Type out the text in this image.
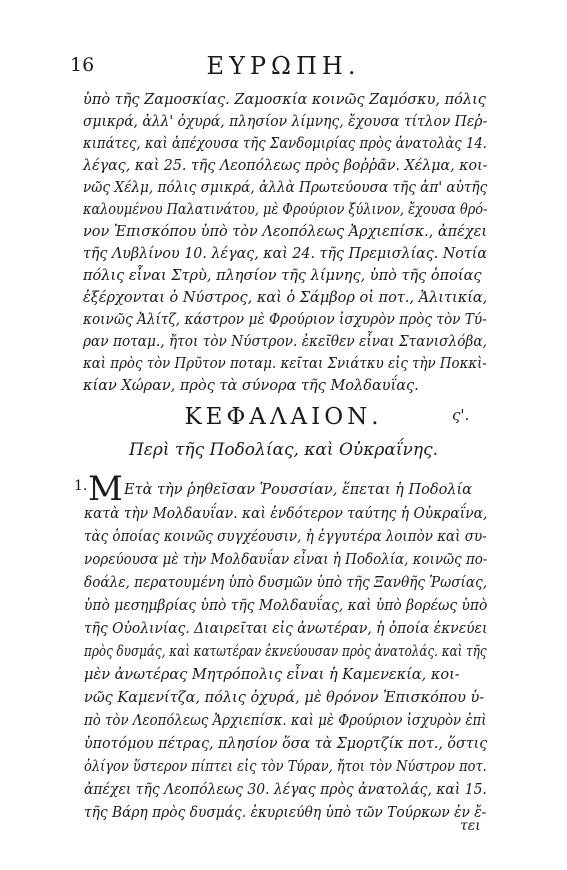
16	ΕΥΡΩΠΗ.
ὑπὸ τῆς Ζαμοσκίας. Ζαμοσκία κοινῶς Ζαμόσκυ, πόλις
σμικρά, ἀλλ' ὀχυρά, πλησίον λίμνης, ἔχουσα τίτλον Πεῤ-
κιπάτες, καὶ ἀπέχουσα τῆς Σανδομιρίας πρὸς ἀνατολὰς 14.
λέγας, καὶ 25. τῆς Λεοπόλεως πρὸς βοῤῥᾶν. Χέλμα, κοι-
νῶς Χέλμ, πόλις σμικρά, ἀλλὰ Πρωτεύουσα τῆς ἀπ' αὐτῆς
καλουμένου Παλατινάτου, μὲ Φρούριον ξύλινον, ἔχουσα θρό-
νον Ἐπισκόπου ὑπὸ τὸν Λεοπόλεως Ἀρχιεπίσκ., ἀπέχει
τῆς Λυβλίνου 10. λέγας, καὶ 24. τῆς Πρεμισλίας. Νοτία
πόλις εἶναι Στρὺ, πλησίον τῆς λίμνης, ὑπὸ τῆς ὁποίας
ἐξέρχονται ὁ Νύστρος, καὶ ὁ Σάμβορ οἱ ποτ., Ἀλιτικία,
κοινῶς Ἀλίτζ, κάστρον μὲ Φρούριον ἰσχυρὸν πρὸς τὸν Τύ-
ραν ποταμ., ἤτοι τὸν Νύστρον. ἐκεῖθεν εἶναι Στανισλόβα,
καὶ πρὸς τὸν Πρῦτον ποταμ. κεῖται Σνιάτκυ εἰς τὴν Ποκκὶ-
κίαν Χώραν, πρὸς τὰ σύνορα τῆς Μολδαυΐας.
ΚΕΦΑΛΑΙΟΝ.	ς'.
Περὶ τῆς Ποδολίας, καὶ Οὐκραΐνης.
1. Μ Ετὰ τὴν ῥηθεῖσαν Ῥουσσίαν, ἕπεται ἡ Ποδολία
κατὰ τὴν Μολδαυΐαν. καὶ ἐνδότερον ταύτης ἡ Οὐκραΐνα,
τὰς ὁποίας κοινῶς συγχέουσιν, ἡ ἐγγυτέρα λοιπὸν καὶ συ-
νορεύουσα μὲ τὴν Μολδαυΐαν εἶναι ἡ Ποδολία, κοινῶς πο-
δοάλε, περατουμένη ὑπὸ δυσμῶν ὑπὸ τῆς Ξανθῆς Ῥωσίας,
ὑπὸ μεσημβρίας ὑπὸ τῆς Μολδαυΐας, καὶ ὑπὸ βορέως ὑπὸ
τῆς Οὐολινίας. Διαιρεῖται εἰς ἀνωτέραν, ἡ ὁποία ἐκνεύει
πρὸς δυσμάς, καὶ κατωτέραν ἐκνεύουσαν πρὸς ἀνατολάς. καὶ τῆς
μὲν ἀνωτέρας Μητρόπολις εἶναι ἡ Καμενεκία, κοι-
νῶς Καμενίτζα, πόλις ὀχυρά, μὲ θρόνον Ἐπισκόπου ὑ-
πὸ τὸν Λεοπόλεως Ἀρχιεπίσκ. καὶ μὲ Φρούριον ἰσχυρὸν ἐπὶ
ὑποτόμου πέτρας, πλησίον ὅσα τὰ Σμορτζίκ ποτ., ὅστις
ὀλίγον ὕστερον πίπτει εἰς τὸν Τύραν, ἤτοι τὸν Νύστρον ποτ.
ἀπέχει τῆς Λεοπόλεως 30. λέγας πρὸς ἀνατολάς, καὶ 15.
τῆς Βάρη πρὸς δυσμάς. ἐκυριεύθη ὑπὸ τῶν Τούρκων ἐν ἔ-
τει
